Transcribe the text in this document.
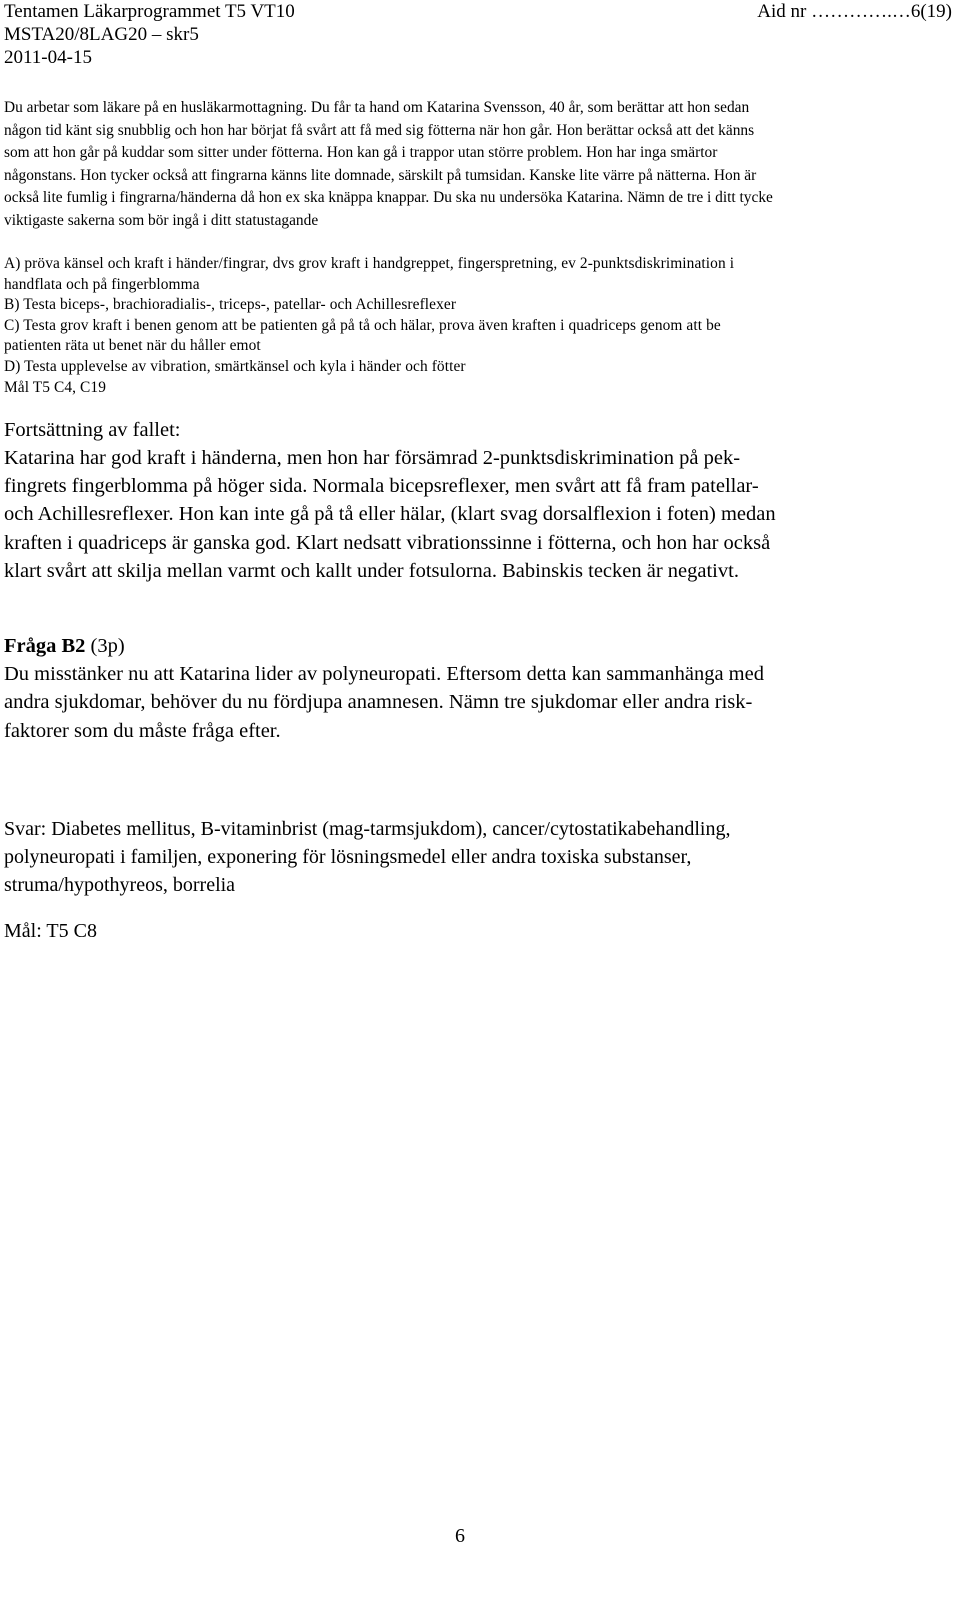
Tentamen Läkarprogrammet T5 VT10	Aid nr ………….…6(19)
MSTA20/8LAG20 – skr5
2011-04-15

Du arbetar som läkare på en husläkarmottagning. Du får ta hand om Katarina Svensson, 40 år, som berättar att hon sedan

någon tid känt sig snubblig och hon har börjat få svårt att få med sig fötterna när hon går. Hon berättar också att det känns

som att hon går på kuddar som sitter under fötterna. Hon kan gå i trappor utan större problem. Hon har inga smärtor

någonstans. Hon tycker också att fingrarna känns lite domnade, särskilt på tumsidan. Kanske lite värre på nätterna. Hon är

också lite fumlig i fingrarna/händerna då hon ex ska knäppa knappar. Du ska nu undersöka Katarina. Nämn de tre i ditt tycke

viktigaste sakerna som bör ingå i ditt statustagande

A) pröva känsel och kraft i händer/fingrar, dvs grov kraft i handgreppet, fingerspretning, ev 2-punktsdiskrimination i

handflata och på fingerblomma

B) Testa biceps-, brachioradialis-, triceps-, patellar- och Achillesreflexer

C) Testa grov kraft i benen genom att be patienten gå på tå och hälar, prova även kraften i quadriceps genom att be

patienten räta ut benet när du håller emot

D) Testa upplevelse av vibration, smärtkänsel och kyla i händer och fötter

Mål T5 C4, C19

Fortsättning av fallet:

Katarina har god kraft i händerna, men hon har försämrad 2-punktsdiskrimination på pek-

fingrets fingerblomma på höger sida. Normala bicepsreflexer, men svårt att få fram patellar-

och Achillesreflexer. Hon kan inte gå på tå eller hälar, (klart svag dorsalflexion i foten) medan

kraften i quadriceps är ganska god. Klart nedsatt vibrationssinne i fötterna, och hon har också

klart svårt att skilja mellan varmt och kallt under fotsulorna. Babinskis tecken är negativt.

Fråga B2 (3p)

Du misstänker nu att Katarina lider av polyneuropati. Eftersom detta kan sammanhänga med

andra sjukdomar, behöver du nu fördjupa anamnesen. Nämn tre sjukdomar eller andra risk-

faktorer som du måste fråga efter.

Svar: Diabetes mellitus, B-vitaminbrist (mag-tarmsjukdom), cancer/cytostatikabehandling,

polyneuropati i familjen, exponering för lösningsmedel eller andra toxiska substanser,

struma/hypothyreos, borrelia

Mål: T5 C8
6
